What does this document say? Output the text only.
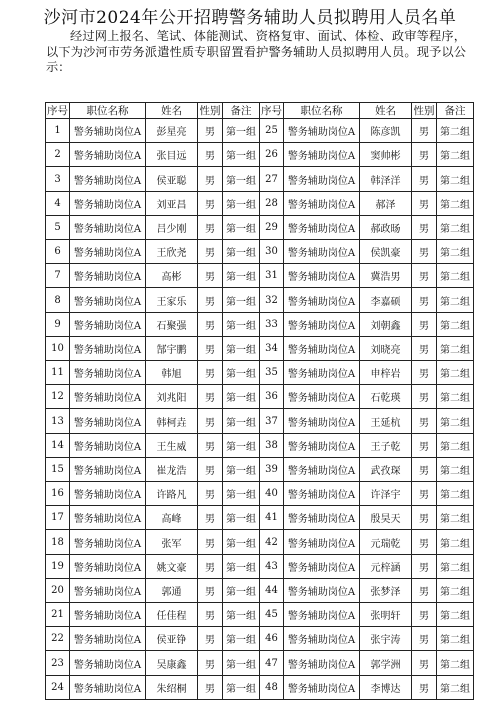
沙河市2024年公开招聘警务辅助人员拟聘用人员名单
经过网上报名、笔试、体能测试、资格复审、面试、体检、政审等程序，以下为沙河市劳务派遣性质专职留置看护警务辅助人员拟聘用人员。现予以公示：
序号	职位名称	姓名	性别	备注	序号	职位名称	姓名	性别	备注
1	警务辅助岗位A	彭星亮	男	第一组	25	警务辅助岗位A	陈彦凯	男	第二组
2	警务辅助岗位A	张目远	男	第一组	26	警务辅助岗位A	窦帅彬	男	第二组
3	警务辅助岗位A	侯亚聪	男	第一组	27	警务辅助岗位A	韩泽洋	男	第二组
4	警务辅助岗位A	刘亚昌	男	第一组	28	警务辅助岗位A	郝泽	男	第二组
5	警务辅助岗位A	吕少刚	男	第一组	29	警务辅助岗位A	郝政旸	男	第二组
6	警务辅助岗位A	王欣尧	男	第一组	30	警务辅助岗位A	侯凯豪	男	第二组
7	警务辅助岗位A	高彬	男	第一组	31	警务辅助岗位A	冀浩男	男	第二组
8	警务辅助岗位A	王家乐	男	第一组	32	警务辅助岗位A	李嘉硕	男	第二组
9	警务辅助岗位A	石聚强	男	第一组	33	警务辅助岗位A	刘朝鑫	男	第二组
10	警务辅助岗位A	郜宇鹏	男	第一组	34	警务辅助岗位A	刘晓亮	男	第二组
11	警务辅助岗位A	韩旭	男	第一组	35	警务辅助岗位A	申梓岩	男	第二组
12	警务辅助岗位A	刘兆阳	男	第一组	36	警务辅助岗位A	石乾瑛	男	第二组
13	警务辅助岗位A	韩柯垚	男	第一组	37	警务辅助岗位A	王延杭	男	第二组
14	警务辅助岗位A	王生威	男	第一组	38	警务辅助岗位A	王子乾	男	第二组
15	警务辅助岗位A	崔龙浩	男	第一组	39	警务辅助岗位A	武孜琛	男	第二组
16	警务辅助岗位A	许路凡	男	第一组	40	警务辅助岗位A	许泽宇	男	第二组
17	警务辅助岗位A	高峰	男	第一组	41	警务辅助岗位A	殷昊天	男	第二组
18	警务辅助岗位A	张军	男	第一组	42	警务辅助岗位A	元瑞乾	男	第二组
19	警务辅助岗位A	姚文豪	男	第一组	43	警务辅助岗位A	元梓涵	男	第二组
20	警务辅助岗位A	郭通	男	第一组	44	警务辅助岗位A	张梦泽	男	第二组
21	警务辅助岗位A	任佳程	男	第一组	45	警务辅助岗位A	张明轩	男	第二组
22	警务辅助岗位A	侯亚铮	男	第一组	46	警务辅助岗位A	张宇涛	男	第二组
23	警务辅助岗位A	吴康鑫	男	第一组	47	警务辅助岗位A	郭学洲	男	第二组
24	警务辅助岗位A	朱绍桐	男	第一组	48	警务辅助岗位A	李博达	男	第二组
